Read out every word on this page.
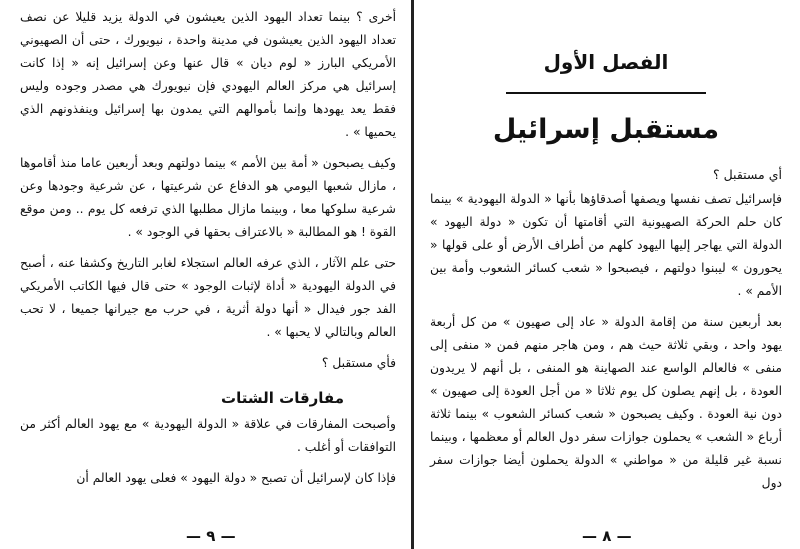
أخرى ؟ بينما تعداد اليهود الذين يعيشون في الدولة يزيد قليلا عن نصف تعداد اليهود الذين يعيشون في مدينة واحدة ، نيويورك ، حتى أن الصهيوني الأمريكي البارز « لوم ديان » قال عنها وعن إسرائيل إنه « إذا كانت إسرائيل هي مركز العالم اليهودي فإن نيويورك هي مصدر وجوده وليس فقط يعد يهودها وإنما بأموالهم التي يمدون بها إسرائيل وينفذونهم الذي يحميها » .

وكيف يصبحون « أمة بين الأمم » بينما دولتهم وبعد أربعين عاما منذ أقاموها ، مازال شعبها اليومي هو الدفاع عن شرعيتها ، عن شرعية وجودها وعن شرعية سلوكها معا ، وبينما مازال مطلبها الذي ترفعه كل يوم .. ومن موقع القوة ! هو المطالبة « بالاعتراف بحقها في الوجود » .

حتى علم الآثار ، الذي عرفه العالم استجلاء لغابر التاريخ وكشفا عنه ، أصبح في الدولة اليهودية « أداة لإثبات الوجود » حتى قال فيها الكاتب الأمريكي الفد جور فيدال « أنها دولة أثرية ، في حرب مع جيرانها جميعا ، لا تحب العالم وبالتالي لا يحبها » .

فأي مستقبل ؟

مفارقات الشتات

وأصبحت المفارقات في علاقة « الدولة اليهودية » مع يهود العالم أكثر من التوافقات أو أغلب .

فإذا كان لإسرائيل أن تصبح « دولة اليهود » فعلى يهود العالم أن

— ٩ —
الفصل الأول
مستقبل إسرائيل

أي مستقبل ؟

فإسرائيل تصف نفسها ويصفها أصدقاؤها بأنها « الدولة اليهودية » بينما كان حلم الحركة الصهيونية التي أقامتها أن تكون « دولة اليهود » الدولة التي يهاجر إليها اليهود كلهم من أطراف الأرض أو على قولها « يحورون » ليبنوا دولتهم ، فيصبحوا « شعب كسائر الشعوب وأمة بين الأمم » .

بعد أربعين سنة من إقامة الدولة « عاد إلى صهيون » من كل أربعة يهود واحد ، وبقي ثلاثة حيث هم ، ومن هاجر منهم فمن « منفى إلى منفى » فالعالم الواسع عند الصهاينة هو المنفى ، بل أنهم لا يريدون العودة ، بل إنهم يصلون كل يوم ثلاثا « من أجل العودة إلى صهيون » دون نية العودة . وكيف يصبحون « شعب كسائر الشعوب » بينما ثلاثة أرباع « الشعب » يحملون جوازات سفر دول العالم أو معظمها ، وبينما نسبة غير قليلة من « مواطني » الدولة يحملون أيضا جوازات سفر دول

— ٨ —
